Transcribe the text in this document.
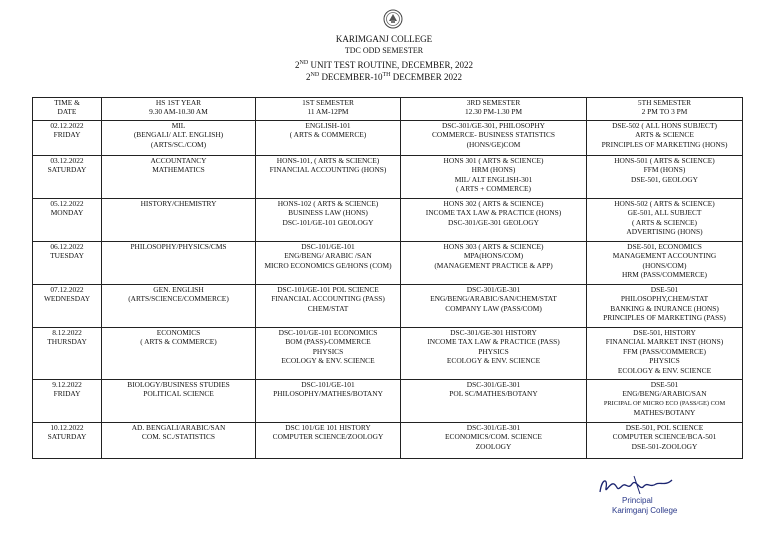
KARIMGANJ COLLEGE
TDC ODD SEMESTER
2ND UNIT TEST ROUTINE, DECEMBER, 2022
2ND DECEMBER-10TH DECEMBER 2022
TIME &
DATE	HS 1ST YEAR
9.30 AM-10.30 AM	1ST SEMESTER
11 AM-12PM	3RD SEMESTER
12.30 PM-1.30 PM	5TH SEMESTER
2 PM TO 3 PM

02.12.2022
FRIDAY	MIL
(BENGALI/ ALT. ENGLISH)
(ARTS/SC./COM)	ENGLISH-101
( ARTS & COMMERCE)	DSC-301/GE-301, PHILOSOPHY
COMMERCE- BUSINESS STATISTICS
(HONS/GE)COM	DSE-502 ( ALL HONS SUBJECT)
ARTS & SCIENCE
PRINCIPLES OF MARKETING (HONS)

03.12.2022
SATURDAY	ACCOUNTANCY
MATHEMATICS	HONS-101, ( ARTS & SCIENCE)
FINANCIAL ACCOUNTING (HONS)	HONS 301 ( ARTS & SCIENCE)
HRM (HONS)
MIL/ ALT ENGLISH-301
( ARTS + COMMERCE)	HONS-501 ( ARTS & SCIENCE)
FFM (HONS)
DSE-501, GEOLOGY

05.12.2022
MONDAY	HISTORY/CHEMISTRY	HONS-102 ( ARTS & SCIENCE)
BUSINESS LAW (HONS)
DSC-101/GE-101 GEOLOGY	HONS 302 ( ARTS & SCIENCE)
INCOME TAX LAW & PRACTICE (HONS)
DSC-301/GE-301 GEOLOGY	HONS-502 ( ARTS & SCIENCE)
GE-501, ALL SUBJECT
( ARTS & SCIENCE)
ADVERTISING (HONS)

06.12.2022
TUESDAY	PHILOSOPHY/PHYSICS/CMS	DSC-101/GE-101
ENG/BENG/ ARABIC /SAN
MICRO ECONOMICS GE/HONS (COM)	HONS 303 ( ARTS & SCIENCE)
MPA(HONS/COM)
(MANAGEMENT PRACTICE & APP)	DSE-501, ECONOMICS
MANAGEMENT ACCOUNTING
(HONS/COM)
HRM (PASS/COMMERCE)

07.12.2022
WEDNESDAY	GEN. ENGLISH
(ARTS/SCIENCE/COMMERCE)	DSC-101/GE-101 POL SCIENCE
FINANCIAL ACCOUNTING (PASS)
CHEM/STAT	DSC-301/GE-301
ENG/BENG/ARABIC/SAN/CHEM/STAT
COMPANY LAW (PASS/COM)	DSE-501
PHILOSOPHY,CHEM/STAT
BANKING & INURANCE (HONS)
PRINCIPLES OF MARKETING (PASS)

8.12.2022
THURSDAY	ECONOMICS
( ARTS & COMMERCE)	DSC-101/GE-101 ECONOMICS
BOM (PASS)-COMMERCE
PHYSICS
ECOLOGY & ENV. SCIENCE	DSC-301/GE-301 HISTORY
INCOME TAX LAW & PRACTICE (PASS)
PHYSICS
ECOLOGY & ENV. SCIENCE	DSE-501, HISTORY
FINANCIAL MARKET INST (HONS)
FFM (PASS/COMMERCE)
PHYSICS
ECOLOGY & ENV. SCIENCE

9.12.2022
FRIDAY	BIOLOGY/BUSINESS STUDIES
POLITICAL SCIENCE	DSC-101/GE-101
PHILOSOPHY/MATHES/BOTANY	DSC-301/GE-301
POL SC/MATHES/BOTANY	DSE-501
ENG/BENG/ARABIC/SAN
PRICIPAL OF MICRO ECO (PASS/GE) COM
MATHES/BOTANY

10.12.2022
SATURDAY	AD. BENGALI/ARABIC/SAN
COM. SC./STATISTICS	DSC 101/GE 101 HISTORY
COMPUTER SCIENCE/ZOOLOGY	DSC-301/GE-301
ECONOMICS/COM. SCIENCE
ZOOLOGY	DSE-501, POL SCIENCE
COMPUTER SCIENCE/BCA-501
DSE-501-ZOOLOGY
Principal
Karimganj College
